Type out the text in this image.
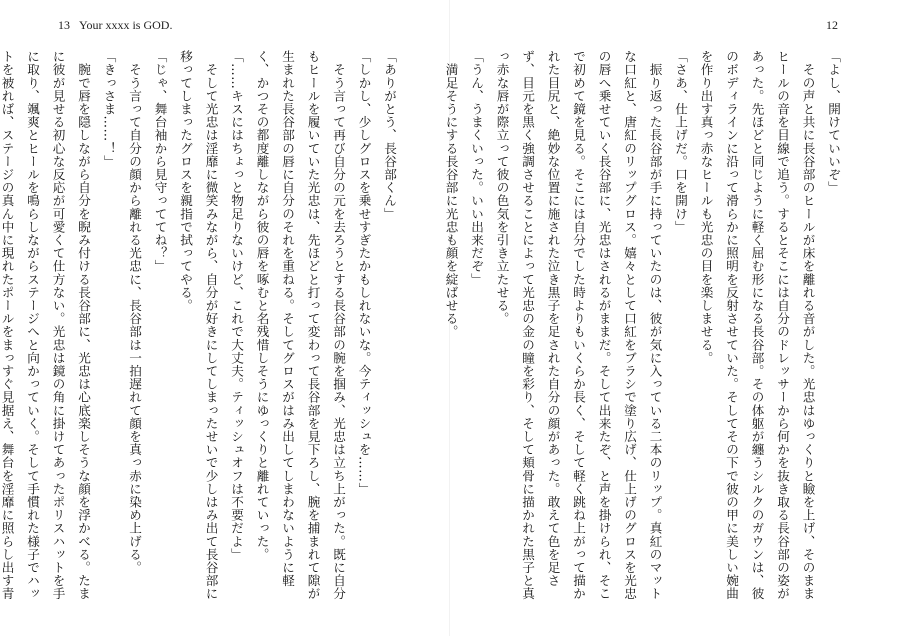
13 Your xxxx is GOD.	12
「よし、開けていいぞ」
　その声と共に長谷部のヒールが床を離れる音がした。光忠はゆっくりと瞼を上げ、そのままヒールの音を目線で追う。するとそこには自分のドレッサーから何かを抜き取る長谷部の姿があった。先ほどと同じように軽く屈む形になる長谷部。その体躯が纏うシルクのガウンは、彼のボディラインに沿って滑らかに照明を反射させていた。そしてその下で彼の甲に美しい婉曲を作り出す真っ赤なヒールも光忠の目を楽しませる。
「さあ、仕上げだ。口を開け」
　振り返った長谷部が手に持っていたのは、彼が気に入っている二本のリップ。真紅のマットな口紅と、唐紅のリップグロス。嬉々として口紅をブラシで塗り広げ、仕上げのグロスを光忠の唇へ乗せていく長谷部に、光忠はされるがままだ。そして出来たぞ、と声を掛けられ、そこで初めて鏡を見る。そこには自分でした時よりもいくらか長く、そして軽く跳ね上がって描かれた目尻と、絶妙な位置に施された泣き黒子を足された自分の顔があった。敢えて色を足さず、目元を黒く強調させることによって光忠の金の瞳を彩り、そして頬骨に描かれた黒子と真っ赤な唇が際立って彼の色気を引き立たせる。
「うん、うまくいった。いい出来だぞ」
　満足そうにする長谷部に光忠も顔を綻ばせる。
「ありがとう、長谷部くん」
「しかし、少しグロスを乗せすぎたかもしれないな。今ティッシュを……」
　そう言って再び自分の元を去ろうとする長谷部の腕を掴み、光忠は立ち上がった。既に自分もヒールを履いていた光忠は、先ほどと打って変わって長谷部を見下ろし、腕を捕まれて隙が生まれた長谷部の唇に自分のそれを重ねる。そしてグロスがはみ出してしまわないように軽く、かつその都度離しながら彼の唇を啄むと名残惜しそうにゆっくりと離れていった。
「……キスにはちょっと物足りないけど、これで大丈夫。ティッシュオフは不要だよ」
　そして光忠は淫靡に微笑みながら、自分が好きにしてしまったせいで少しはみ出て長谷部に移ってしまったグロスを親指で拭ってやる。
「じゃ、舞台袖から見守っててね？」
　そう言って自分の顔から離れる光忠に、長谷部は一拍遅れて顔を真っ赤に染め上げる。
「きっさま……！」
　腕で唇を隠しながら自分を睨み付ける長谷部に、光忠は心底楽しそうな顔を浮かべる。たまに彼が見せる初心な反応が可愛くて仕方ない。光忠は鏡の角に掛けてあったポリスハットを手に取り、颯爽とヒールを鳴らしながらステージへと向かっていく。そして手慣れた様子でハットを被れば、ステージの真ん中に現れたポールをまっすぐ見据え、舞台を淫靡に照らし出す青
